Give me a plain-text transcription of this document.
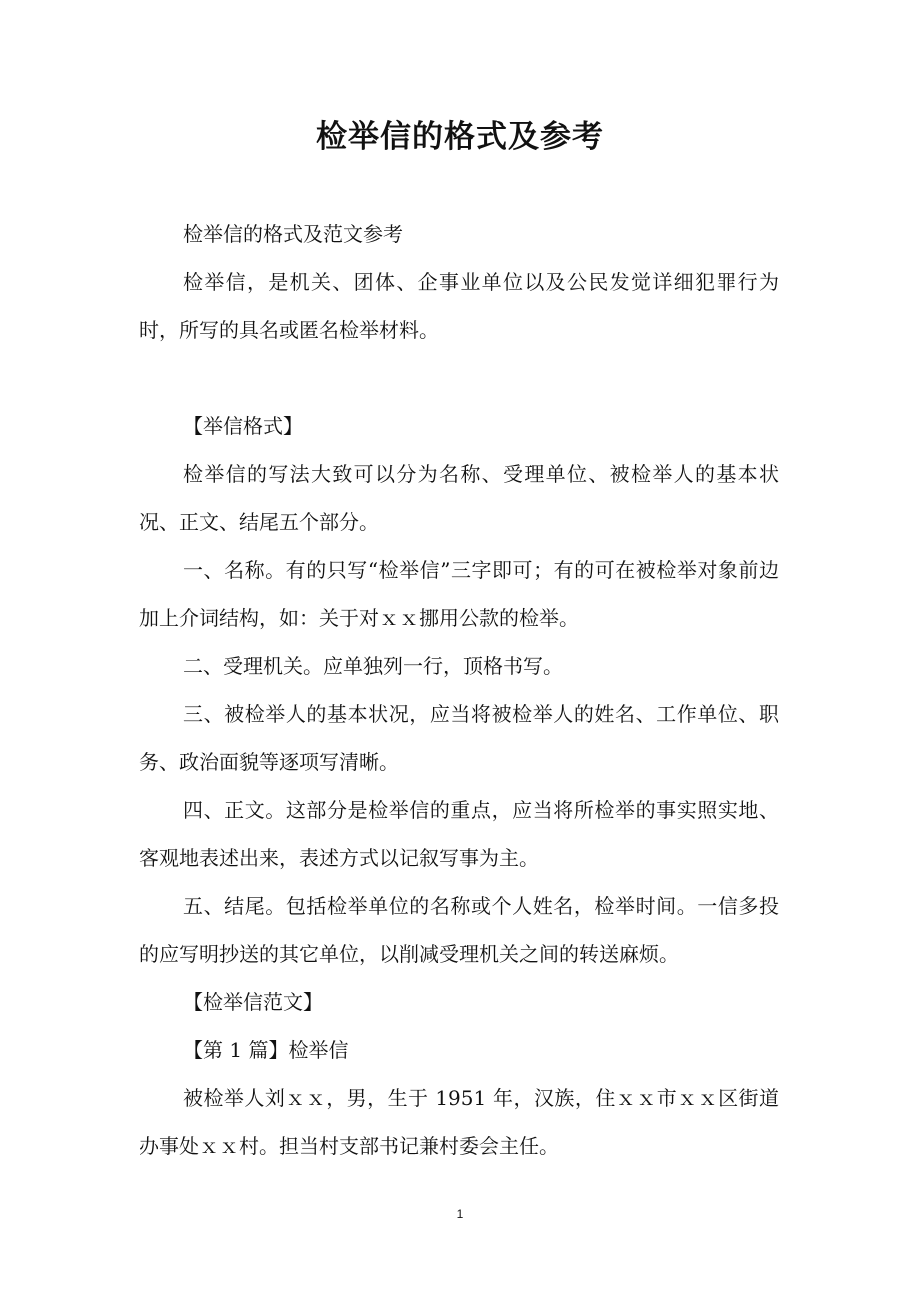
检举信的格式及参考

检举信的格式及范文参考

检举信，是机关、团体、企事业单位以及公民发觉详细犯罪行为时，所写的具名或匿名检举材料。

【举信格式】

检举信的写法大致可以分为名称、受理单位、被检举人的基本状况、正文、结尾五个部分。

一、名称。有的只写“检举信”三字即可；有的可在被检举对象前边加上介词结构，如：关于对ｘｘ挪用公款的检举。

二、受理机关。应单独列一行，顶格书写。

三、被检举人的基本状况，应当将被检举人的姓名、工作单位、职务、政治面貌等逐项写清晰。

四、正文。这部分是检举信的重点，应当将所检举的事实照实地、客观地表述出来，表述方式以记叙写事为主。

五、结尾。包括检举单位的名称或个人姓名，检举时间。一信多投的应写明抄送的其它单位，以削减受理机关之间的转送麻烦。

【检举信范文】

【第 1 篇】检举信

被检举人刘ｘｘ，男，生于 1951 年，汉族，住ｘｘ市ｘｘ区街道办事处ｘｘ村。担当村支部书记兼村委会主任。

1
